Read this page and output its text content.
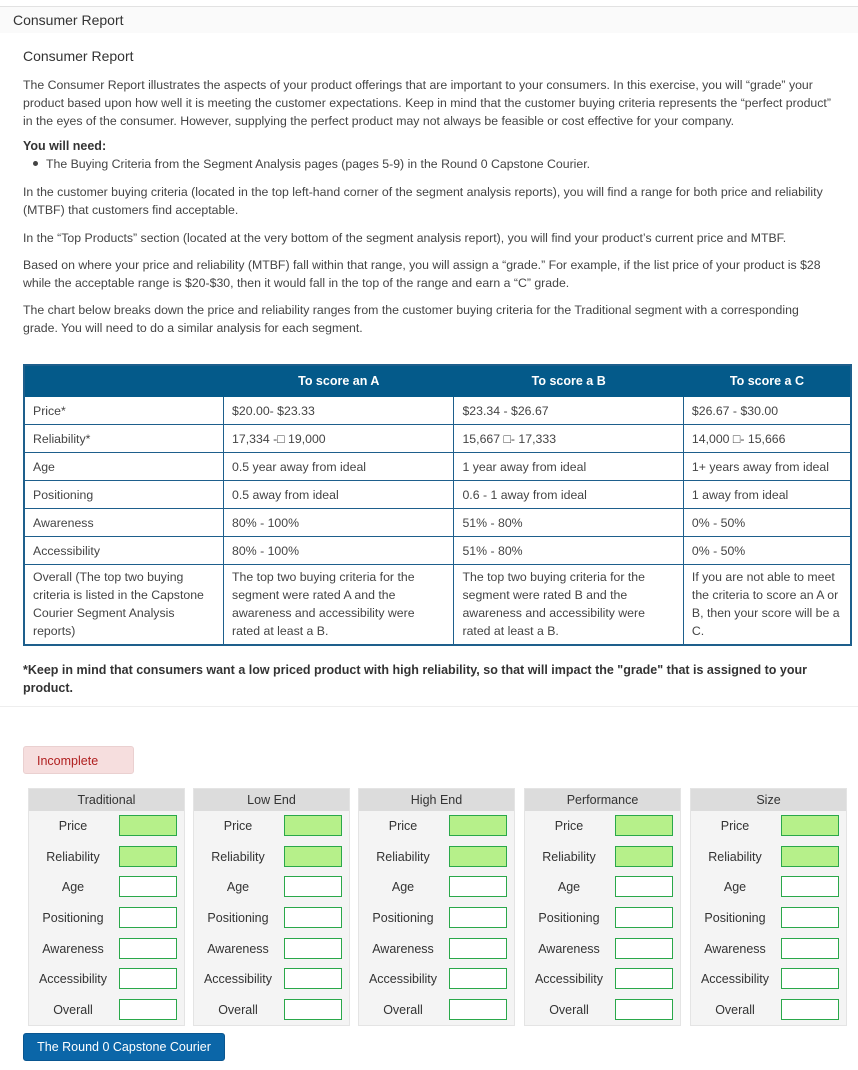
Consumer Report
Consumer Report
The Consumer Report illustrates the aspects of your product offerings that are important to your consumers. In this exercise, you will “grade” your product based upon how well it is meeting the customer expectations. Keep in mind that the customer buying criteria represents the “perfect product” in the eyes of the consumer. However, supplying the perfect product may not always be feasible or cost effective for your company.
You will need:
The Buying Criteria from the Segment Analysis pages (pages 5-9) in the Round 0 Capstone Courier.
In the customer buying criteria (located in the top left-hand corner of the segment analysis reports), you will find a range for both price and reliability (MTBF) that customers find acceptable.
In the “Top Products” section (located at the very bottom of the segment analysis report), you will find your product’s current price and MTBF.
Based on where your price and reliability (MTBF) fall within that range, you will assign a “grade.” For example, if the list price of your product is $28 while the acceptable range is $20-$30, then it would fall in the top of the range and earn a “C” grade.
The chart below breaks down the price and reliability ranges from the customer buying criteria for the Traditional segment with a corresponding grade. You will need to do a similar analysis for each segment.
	To score an A	To score a B	To score a C
Price*	$20.00- $23.33	$23.34 - $26.67	$26.67 - $30.00
Reliability*	17,334 -□ 19,000	15,667 □- 17,333	14,000 □- 15,666
Age	0.5 year away from ideal	1 year away from ideal	1+ years away from ideal
Positioning	0.5 away from ideal	0.6 - 1 away from ideal	1 away from ideal
Awareness	80% - 100%	51% - 80%	0% - 50%
Accessibility	80% - 100%	51% - 80%	0% - 50%
Overall (The top two buying criteria is listed in the Capstone Courier Segment Analysis reports)	The top two buying criteria for the segment were rated A and the awareness and accessibility were rated at least a B.	The top two buying criteria for the segment were rated B and the awareness and accessibility were rated at least a B.	If you are not able to meet the criteria to score an A or B, then your score will be a C.
*Keep in mind that consumers want a low priced product with high reliability, so that will impact the "grade" that is assigned to your product.
Incomplete
Traditional
Price
Reliability
Age
Positioning
Awareness
Accessibility
Overall
Low End
Price
Reliability
Age
Positioning
Awareness
Accessibility
Overall
High End
Price
Reliability
Age
Positioning
Awareness
Accessibility
Overall
Performance
Price
Reliability
Age
Positioning
Awareness
Accessibility
Overall
Size
Price
Reliability
Age
Positioning
Awareness
Accessibility
Overall
The Round 0 Capstone Courier
